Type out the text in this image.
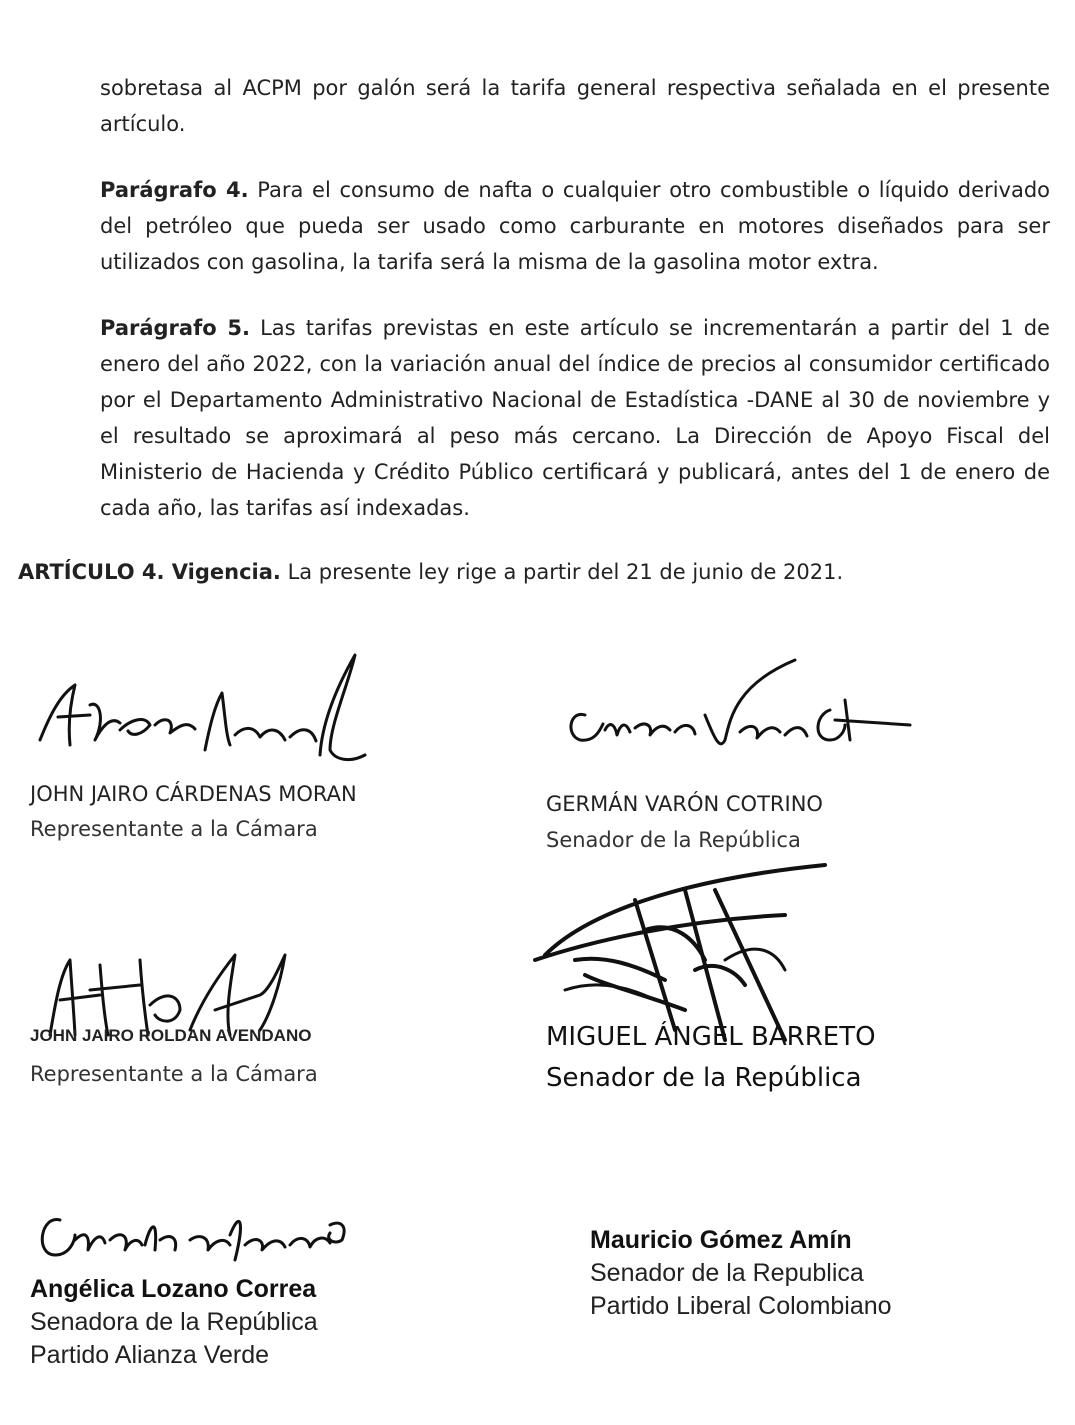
sobretasa al ACPM por galón será la tarifa general respectiva señalada en el presente artículo.

Parágrafo 4. Para el consumo de nafta o cualquier otro combustible o líquido derivado del petróleo que pueda ser usado como carburante en motores diseñados para ser utilizados con gasolina, la tarifa será la misma de la gasolina motor extra.

Parágrafo 5. Las tarifas previstas en este artículo se incrementarán a partir del 1 de enero del año 2022, con la variación anual del índice de precios al consumidor certificado por el Departamento Administrativo Nacional de Estadística -DANE al 30 de noviembre y el resultado se aproximará al peso más cercano. La Dirección de Apoyo Fiscal del Ministerio de Hacienda y Crédito Público certificará y publicará, antes del 1 de enero de cada año, las tarifas así indexadas.

ARTÍCULO 4. Vigencia. La presente ley rige a partir del 21 de junio de 2021.

JOHN JAIRO CÁRDENAS MORAN
Representante a la Cámara
GERMÁN VARÓN COTRINO
Senador de la República
JOHN JAIRO ROLDAN AVENDANO
Representante a la Cámara
MIGUEL ÁNGEL BARRETO
Senador de la República
Angélica Lozano Correa
Senadora de la República
Partido Alianza Verde
Mauricio Gómez Amín
Senador de la Republica
Partido Liberal Colombiano
